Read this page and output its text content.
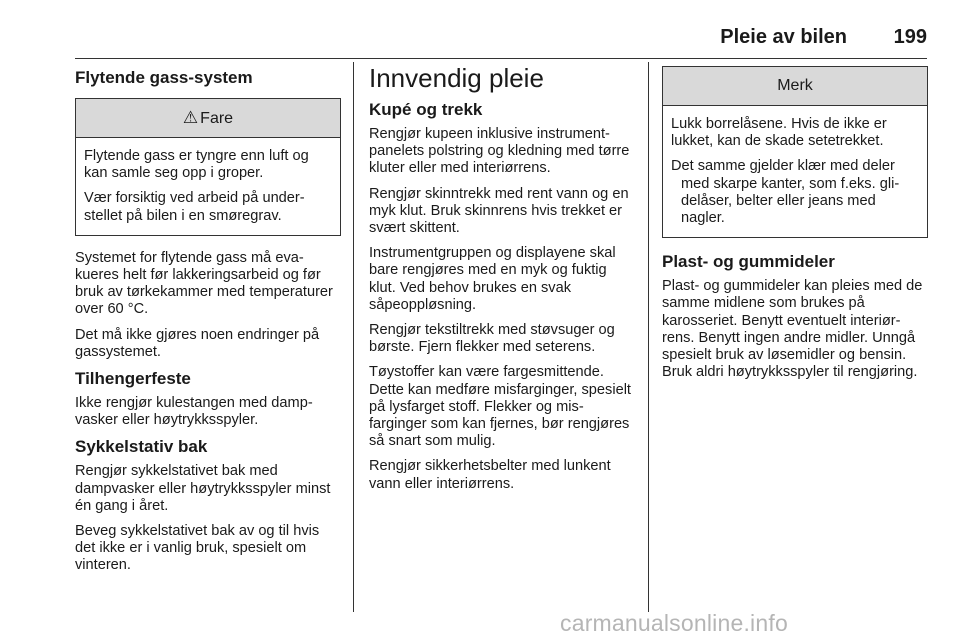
Pleie av bilen 199
Flytende gass-system
⚠ Fare

Flytende gass er tyngre enn luft og kan samle seg opp i groper.

Vær forsiktig ved arbeid på understellet på bilen i en smøregrav.

Systemet for flytende gass må evakueres helt før lakkeringsarbeid og før bruk av tørkekammer med temperaturer over 60 °C.

Det må ikke gjøres noen endringer på gassystemet.

Tilhengerfeste

Ikke rengjør kulestangen med dampvasker eller høytrykksspyler.

Sykkelstativ bak

Rengjør sykkelstativet bak med dampvasker eller høytrykksspyler minst én gang i året.

Beveg sykkelstativet bak av og til hvis det ikke er i vanlig bruk, spesielt om vinteren.

Innvendig pleie
Kupé og trekk

Rengjør kupeen inklusive instrumentpanelets polstring og kledning med tørre kluter eller med interiørrens.

Rengjør skinntrekk med rent vann og en myk klut. Bruk skinnrens hvis trekket er svært skittent.

Instrumentgruppen og displayene skal bare rengjøres med en myk og fuktig klut. Ved behov brukes en svak såpeoppløsning.

Rengjør tekstiltrekk med støvsuger og børste. Fjern flekker med seterens.

Tøystoffer kan være fargesmittende. Dette kan medføre misfarginger, spesielt på lysfarget stoff. Flekker og misfarginger som kan fjernes, bør rengjøres så snart som mulig.

Rengjør sikkerhetsbelter med lunkent vann eller interiørrens.

Merk

Lukk borrelåsene. Hvis de ikke er lukket, kan de skade setetrekket.

Det samme gjelder klær med deler med skarpe kanter, som f.eks. glidelåser, belter eller jeans med nagler.

Plast- og gummideler

Plast- og gummideler kan pleies med de samme midlene som brukes på karosseriet. Benytt eventuelt interiørrens. Benytt ingen andre midler. Unngå spesielt bruk av løsemidler og bensin. Bruk aldri høytrykksspyler til rengjøring.

carmanualsonline.info
